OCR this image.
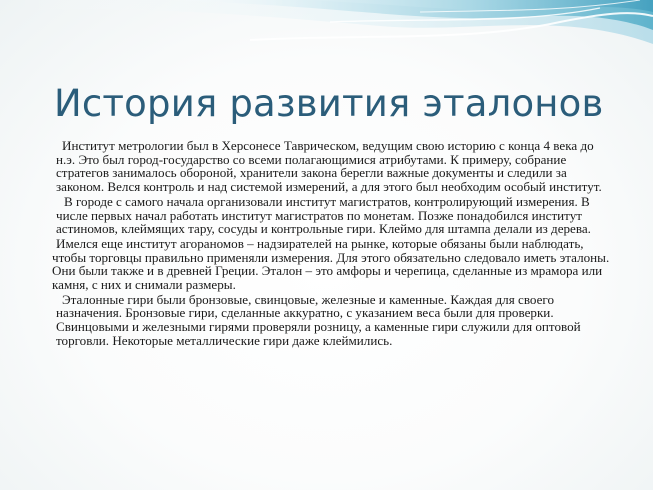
История развития эталонов

Институт метрологии был в Херсонесе Таврическом, ведущим свою историю с конца 4 века до н.э. Это был город-государство со всеми полагающимися атрибутами. К примеру, собрание стратегов занималось обороной, хранители закона берегли важные документы и следили за законом. Велся контроль и над системой измерений, а для этого был необходим особый институт.

В городе с самого начала организовали институт магистратов, контролирующий измерения. В числе первых начал работать институт магистратов по монетам. Позже понадобился институт астиномов, клеймящих тару, сосуды и контрольные гири. Клеймо для штампа делали из дерева.

Имелся еще институт агораномов – надзирателей на рынке, которые обязаны были наблюдать, чтобы торговцы правильно применяли измерения. Для этого обязательно следовало иметь эталоны. Они были также и в древней Греции. Эталон – это амфоры и черепица, сделанные из мрамора или камня, с них и снимали размеры.

Эталонные гири были бронзовые, свинцовые, железные и каменные. Каждая для своего назначения. Бронзовые гири, сделанные аккуратно, с указанием веса были для проверки. Свинцовыми и железными гирями проверяли розницу, а каменные гири служили для оптовой торговли. Некоторые металлические гири даже клеймились.
